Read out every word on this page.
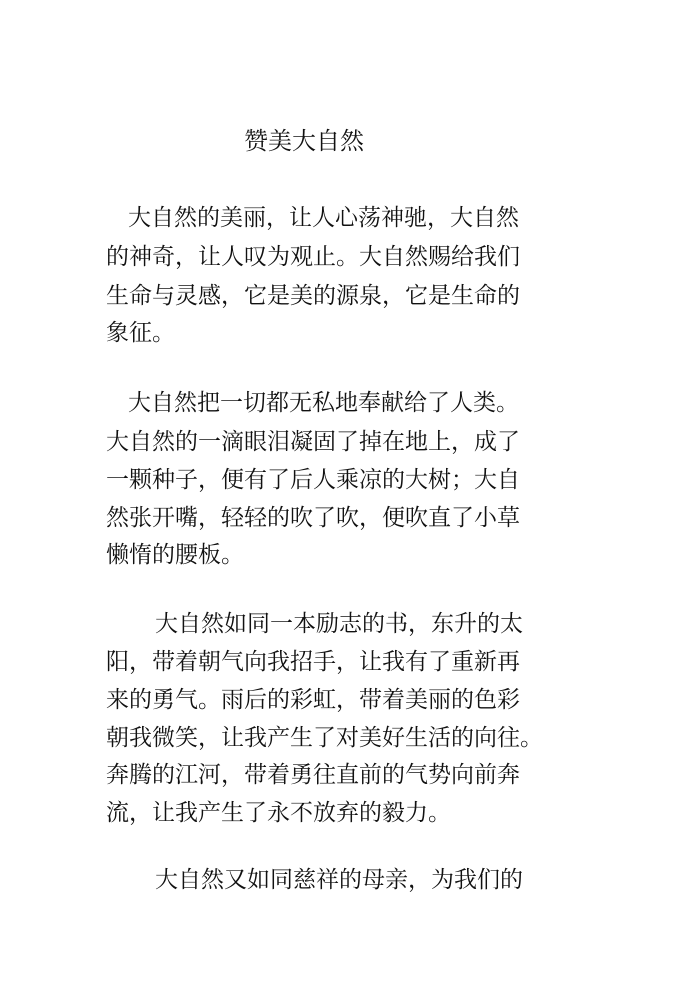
赞美大自然
大自然的美丽，让人心荡神驰，大自然
的神奇，让人叹为观止。大自然赐给我们
生命与灵感，它是美的源泉，它是生命的
象征。
大自然把一切都无私地奉献给了人类。
大自然的一滴眼泪凝固了掉在地上，成了
一颗种子，便有了后人乘凉的大树；大自
然张开嘴，轻轻的吹了吹，便吹直了小草
懒惰的腰板。
大自然如同一本励志的书，东升的太
阳，带着朝气向我招手，让我有了重新再
来的勇气。雨后的彩虹，带着美丽的色彩
朝我微笑，让我产生了对美好生活的向往。
奔腾的江河，带着勇往直前的气势向前奔
流，让我产生了永不放弃的毅力。
大自然又如同慈祥的母亲，为我们的
